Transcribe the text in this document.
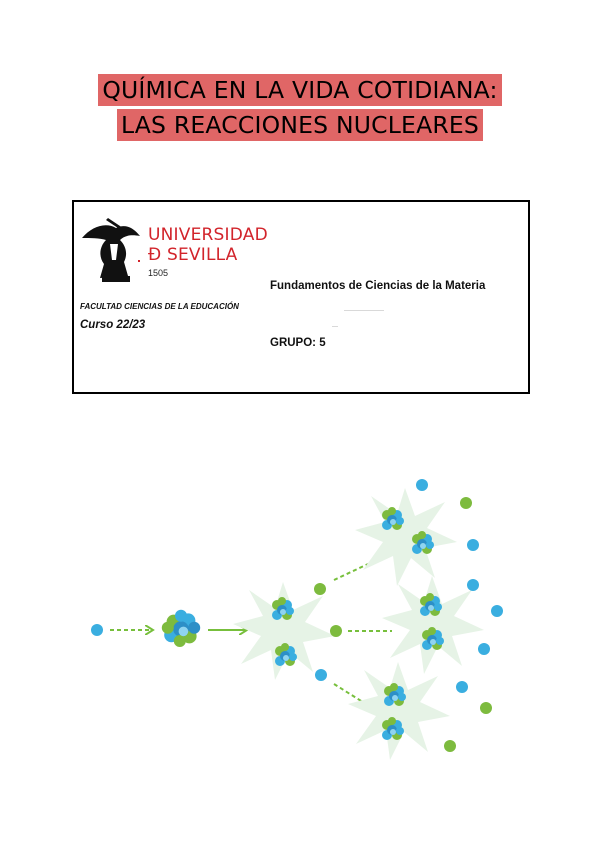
QUÍMICA EN LA VIDA COTIDIANA:
LAS REACCIONES NUCLEARES
UNIVERSIDAD
Ð SEVILLA
1505
FACULTAD CIENCIAS DE LA EDUCACIÓN
Curso 22/23
Fundamentos de Ciencias de la Materia
GRUPO: 5
